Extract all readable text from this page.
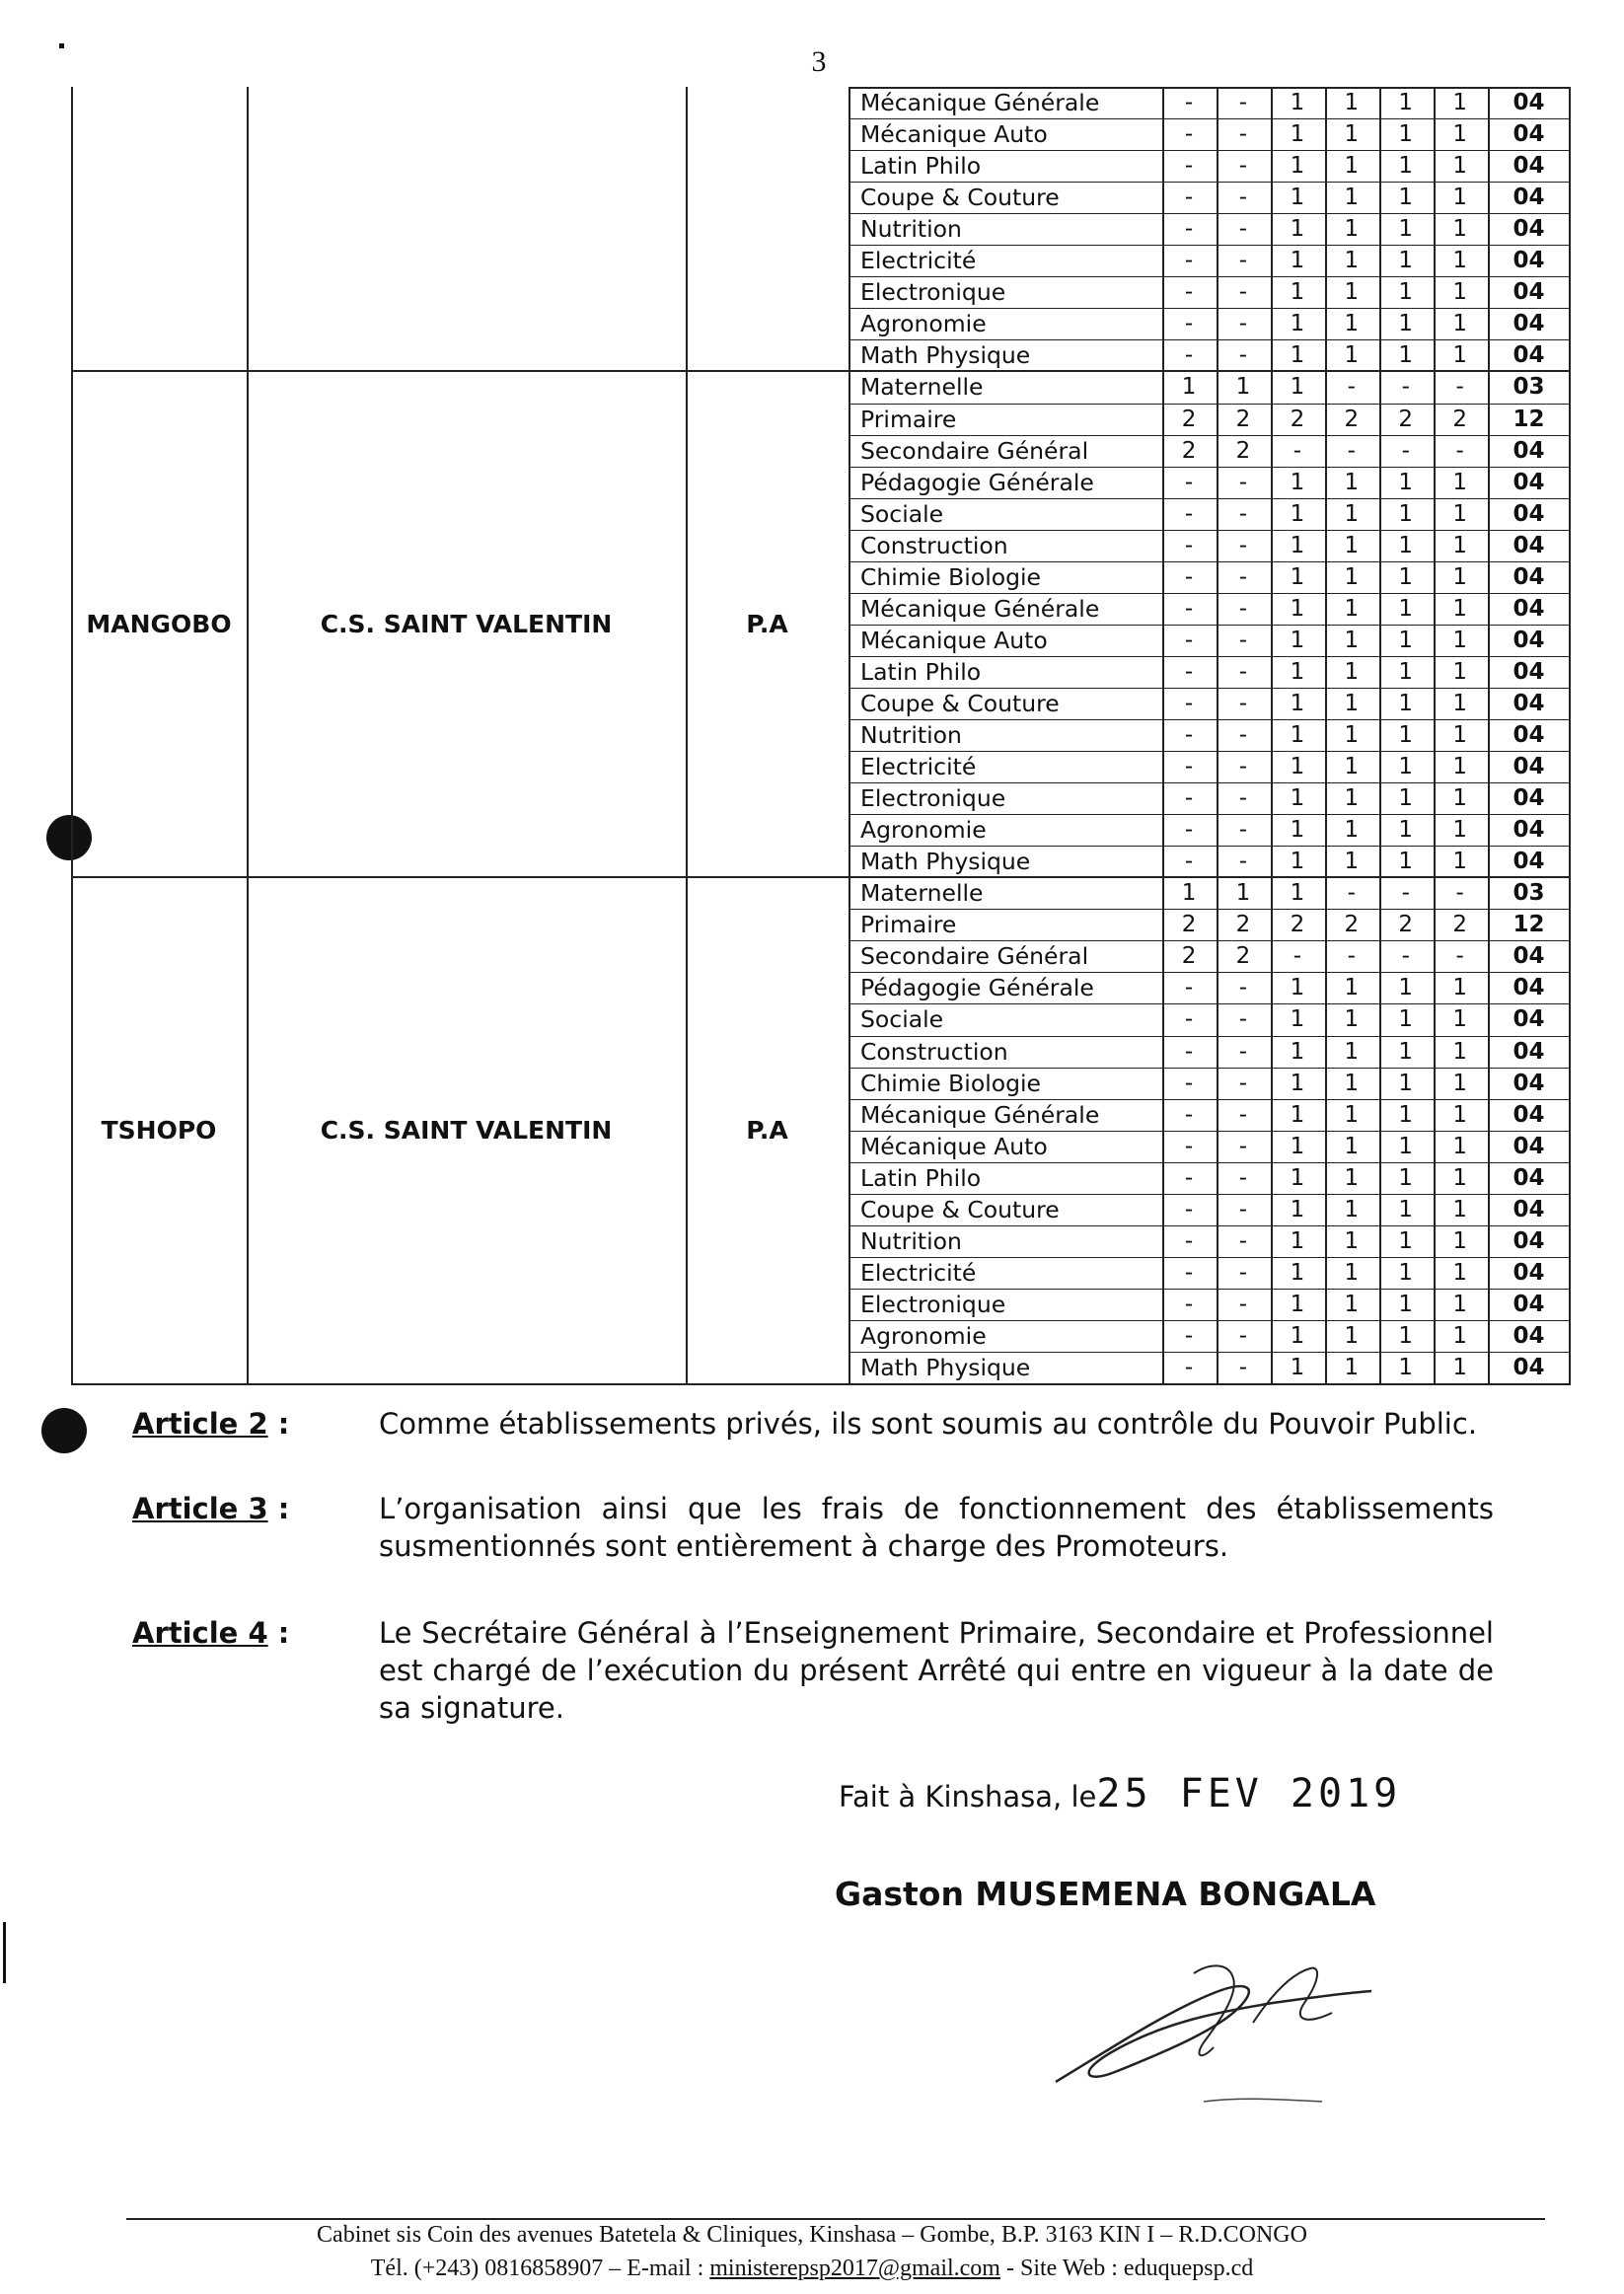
3
Mécanique Générale	-	-	1	1	1	1	04
Mécanique Auto	-	-	1	1	1	1	04
Latin Philo	-	-	1	1	1	1	04
Coupe & Couture	-	-	1	1	1	1	04
Nutrition	-	-	1	1	1	1	04
Electricité	-	-	1	1	1	1	04
Electronique	-	-	1	1	1	1	04
Agronomie	-	-	1	1	1	1	04
Math Physique	-	-	1	1	1	1	04
MANGOBO	C.S. SAINT VALENTIN	P.A
Maternelle	1	1	1	-	-	-	03
Primaire	2	2	2	2	2	2	12
Secondaire Général	2	2	-	-	-	-	04
Pédagogie Générale	-	-	1	1	1	1	04
Sociale	-	-	1	1	1	1	04
Construction	-	-	1	1	1	1	04
Chimie Biologie	-	-	1	1	1	1	04
Mécanique Générale	-	-	1	1	1	1	04
Mécanique Auto	-	-	1	1	1	1	04
Latin Philo	-	-	1	1	1	1	04
Coupe & Couture	-	-	1	1	1	1	04
Nutrition	-	-	1	1	1	1	04
Electricité	-	-	1	1	1	1	04
Electronique	-	-	1	1	1	1	04
Agronomie	-	-	1	1	1	1	04
Math Physique	-	-	1	1	1	1	04
TSHOPO	C.S. SAINT VALENTIN	P.A
Maternelle	1	1	1	-	-	-	03
Primaire	2	2	2	2	2	2	12
Secondaire Général	2	2	-	-	-	-	04
Pédagogie Générale	-	-	1	1	1	1	04
Sociale	-	-	1	1	1	1	04
Construction	-	-	1	1	1	1	04
Chimie Biologie	-	-	1	1	1	1	04
Mécanique Générale	-	-	1	1	1	1	04
Mécanique Auto	-	-	1	1	1	1	04
Latin Philo	-	-	1	1	1	1	04
Coupe & Couture	-	-	1	1	1	1	04
Nutrition	-	-	1	1	1	1	04
Electricité	-	-	1	1	1	1	04
Electronique	-	-	1	1	1	1	04
Agronomie	-	-	1	1	1	1	04
Math Physique	-	-	1	1	1	1	04
Article 2 :	Comme établissements privés, ils sont soumis au contrôle du Pouvoir Public.
Article 3 :	L’organisation ainsi que les frais de fonctionnement des établissements susmentionnés sont entièrement à charge des Promoteurs.
Article 4 :	Le Secrétaire Général à l’Enseignement Primaire, Secondaire et Professionnel est chargé de l’exécution du présent Arrêté qui entre en vigueur à la date de sa signature.
Fait à Kinshasa, le25 FEV 2019
Gaston MUSEMENA BONGALA
Cabinet sis Coin des avenues Batetela & Cliniques, Kinshasa – Gombe, B.P. 3163 KIN I – R.D.CONGO
Tél. (+243) 0816858907 – E-mail : ministerepsp2017@gmail.com - Site Web : eduquepsp.cd
